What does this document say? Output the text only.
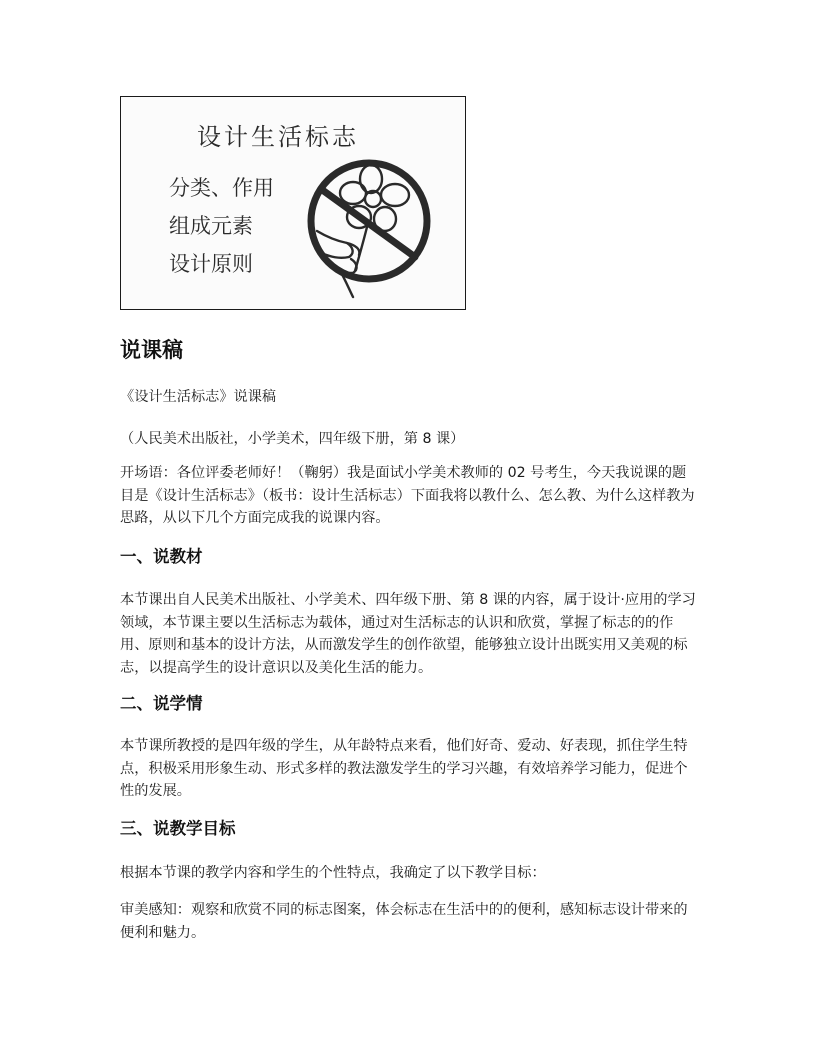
设计生活标志
分类、作用
组成元素
设计原则
说课稿

《设计生活标志》说课稿

（人民美术出版社，小学美术，四年级下册，第 8 课）

开场语：各位评委老师好！（鞠躬）我是面试小学美术教师的 02 号考生，今天我说课的题目是《设计生活标志》（板书：设计生活标志）下面我将以教什么、怎么教、为什么这样教为思路，从以下几个方面完成我的说课内容。

一、说教材

本节课出自人民美术出版社、小学美术、四年级下册、第 8 课的内容，属于设计·应用的学习领域，本节课主要以生活标志为载体，通过对生活标志的认识和欣赏，掌握了标志的的作用、原则和基本的设计方法，从而激发学生的创作欲望，能够独立设计出既实用又美观的标志，以提高学生的设计意识以及美化生活的能力。

二、说学情

本节课所教授的是四年级的学生，从年龄特点来看，他们好奇、爱动、好表现，抓住学生特点，积极采用形象生动、形式多样的教法激发学生的学习兴趣，有效培养学习能力，促进个性的发展。

三、说教学目标

根据本节课的教学内容和学生的个性特点，我确定了以下教学目标：

审美感知：观察和欣赏不同的标志图案，体会标志在生活中的的便利，感知标志设计带来的便利和魅力。
